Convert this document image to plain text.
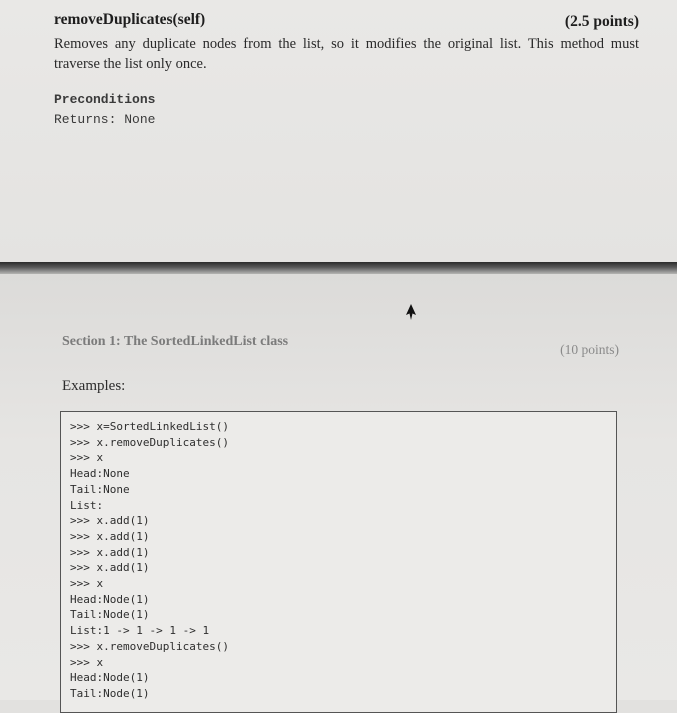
removeDuplicates(self)	(2.5 points)
Removes any duplicate nodes from the list, so it modifies the original list. This method must traverse the list only once.
Preconditions
Returns: None
Section 1: The SortedLinkedList class
(10 points)
Examples:
>>> x=SortedLinkedList()
>>> x.removeDuplicates()
>>> x
Head:None
Tail:None
List:
>>> x.add(1)
>>> x.add(1)
>>> x.add(1)
>>> x.add(1)
>>> x
Head:Node(1)
Tail:Node(1)
List:1 -> 1 -> 1 -> 1
>>> x.removeDuplicates()
>>> x
Head:Node(1)
Tail:Node(1)
